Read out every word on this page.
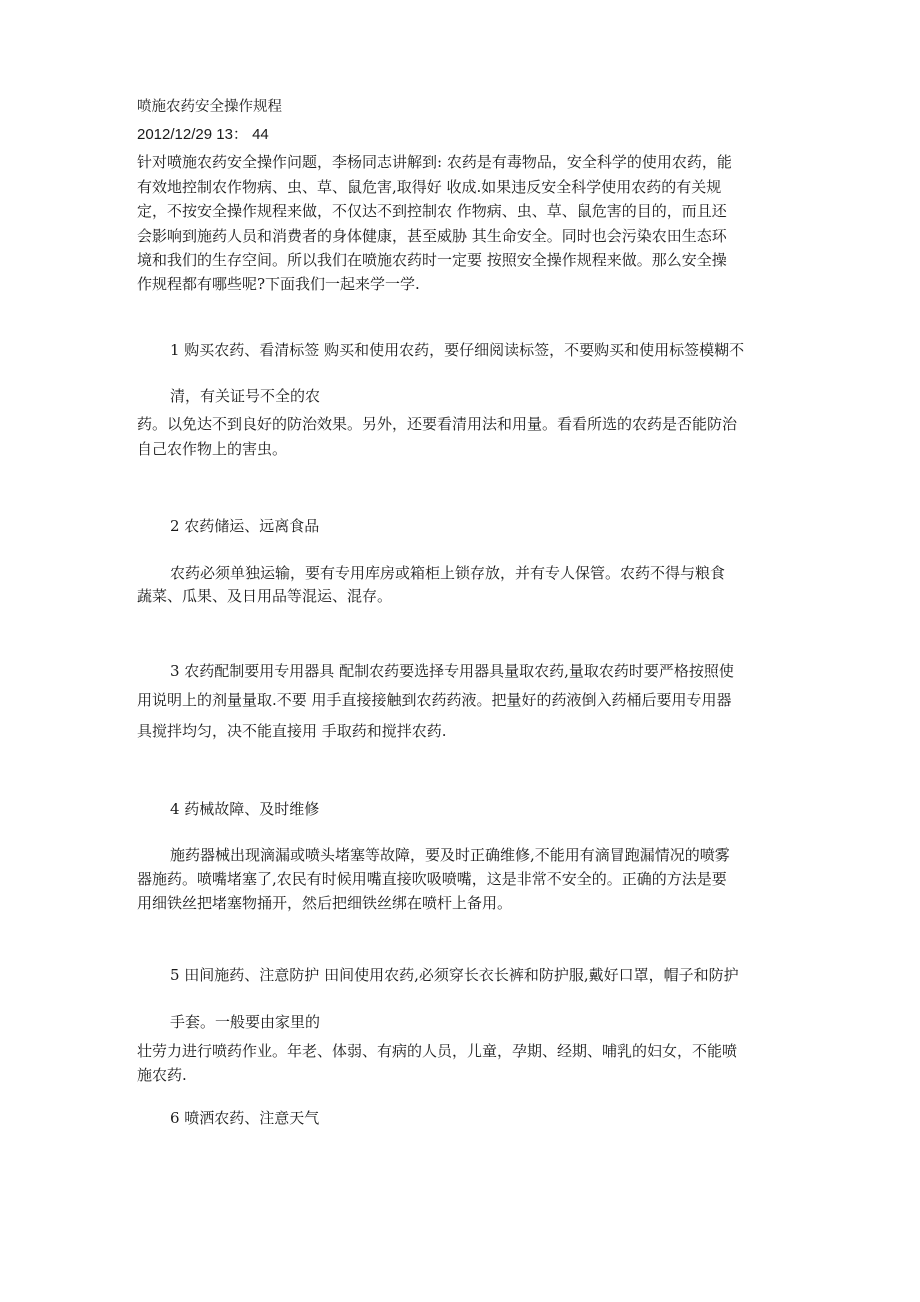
喷施农药安全操作规程

2012/12/29 13： 44

针对喷施农药安全操作问题，李杨同志讲解到: 农药是有毒物品，安全科学的使用农药，能

有效地控制农作物病、虫、草、鼠危害,取得好 收成.如果违反安全科学使用农药的有关规

定，不按安全操作规程来做，不仅达不到控制农 作物病、虫、草、鼠危害的目的，而且还

会影响到施药人员和消费者的身体健康，甚至威胁 其生命安全。同时也会污染农田生态环

境和我们的生存空间。所以我们在喷施农药时一定要 按照安全操作规程来做。那么安全操

作规程都有哪些呢?下面我们一起来学一学.

1 购买农药、看清标签 购买和使用农药，要仔细阅读标签，不要购买和使用标签模糊不

清，有关证号不全的农

药。以免达不到良好的防治效果。另外，还要看清用法和用量。看看所选的农药是否能防治

自己农作物上的害虫。

2 农药储运、远离食品

农药必须单独运输，要有专用库房或箱柜上锁存放，并有专人保管。农药不得与粮食

蔬菜、瓜果、及日用品等混运、混存。

3 农药配制要用专用器具 配制农药要选择专用器具量取农药,量取农药时要严格按照使

用说明上的剂量量取.不要 用手直接接触到农药药液。把量好的药液倒入药桶后要用专用器

具搅拌均匀，决不能直接用 手取药和搅拌农药.

4 药械故障、及时维修

施药器械出现滴漏或喷头堵塞等故障，要及时正确维修,不能用有滴冒跑漏情况的喷雾

器施药。喷嘴堵塞了,农民有时候用嘴直接吹吸喷嘴，这是非常不安全的。正确的方法是要

用细铁丝把堵塞物捅开，然后把细铁丝绑在喷杆上备用。

5 田间施药、注意防护 田间使用农药,必须穿长衣长裤和防护服,戴好口罩，帽子和防护

手套。一般要由家里的

壮劳力进行喷药作业。年老、体弱、有病的人员，儿童，孕期、经期、哺乳的妇女，不能喷

施农药.

6 喷洒农药、注意天气
